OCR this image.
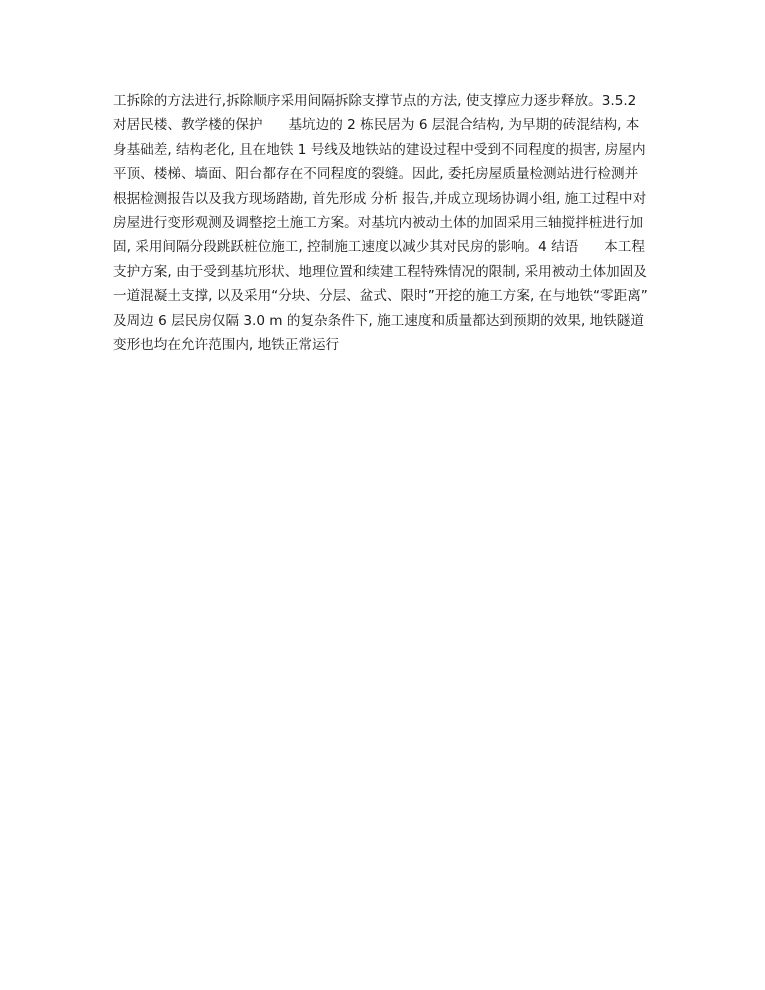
工拆除的方法进行,拆除顺序采用间隔拆除支撑节点的方法, 使支撑应力逐步释放。3.5.2
对居民楼、教学楼的保护      基坑边的 2 栋民居为 6 层混合结构, 为早期的砖混结构, 本
身基础差, 结构老化, 且在地铁 1 号线及地铁站的建设过程中受到不同程度的损害, 房屋内
平顶、楼梯、墙面、阳台都存在不同程度的裂缝。因此, 委托房屋质量检测站进行检测并
根据检测报告以及我方现场踏勘, 首先形成 分析 报告,并成立现场协调小组, 施工过程中对
房屋进行变形观测及调整挖土施工方案。对基坑内被动土体的加固采用三轴搅拌桩进行加
固, 采用间隔分段跳跃桩位施工, 控制施工速度以减少其对民房的影响。4 结语      本工程
支护方案, 由于受到基坑形状、地理位置和续建工程特殊情况的限制, 采用被动土体加固及
一道混凝土支撑, 以及采用“分块、分层、盆式、限时”开挖的施工方案, 在与地铁“零距离”
及周边 6 层民房仅隔 3.0 m 的复杂条件下, 施工速度和质量都达到预期的效果, 地铁隧道
变形也均在允许范围内, 地铁正常运行
